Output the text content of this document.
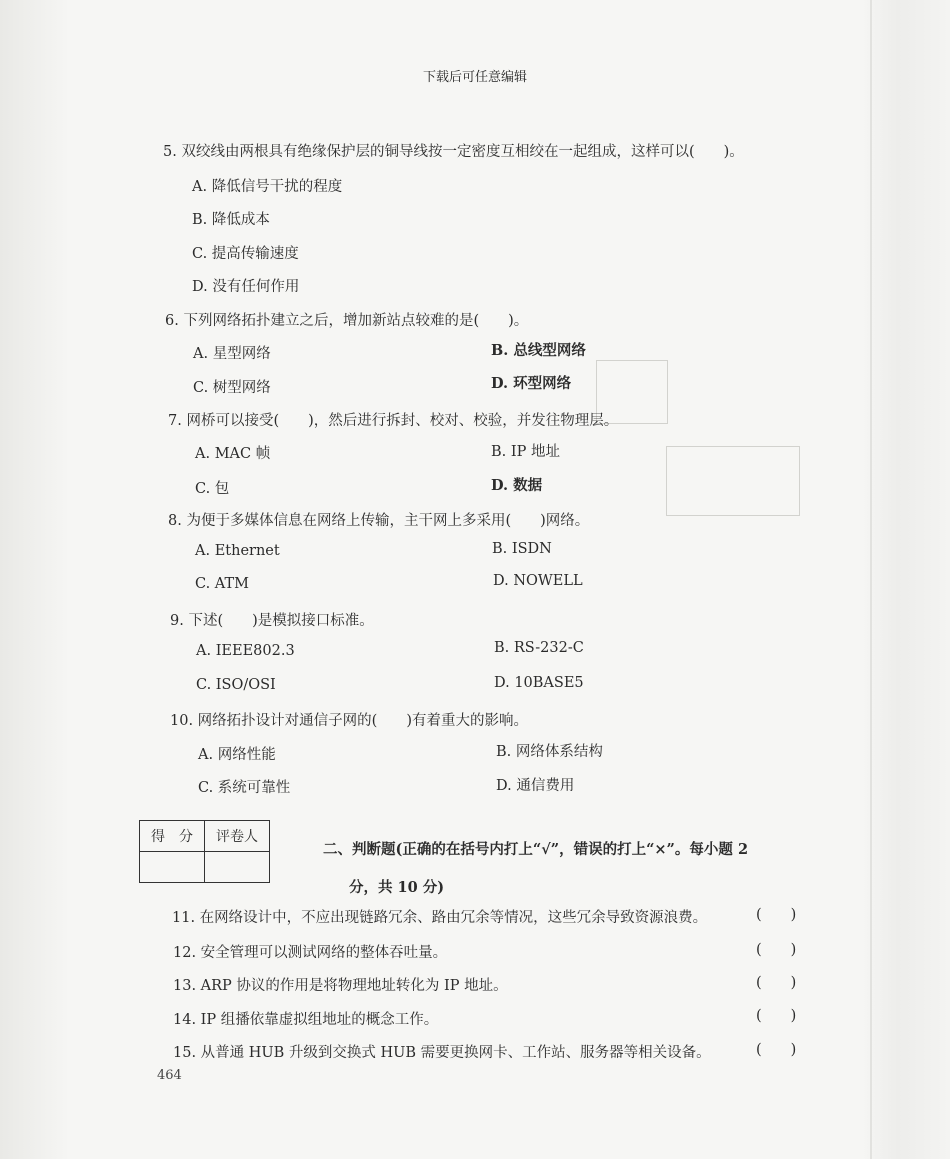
下载后可任意编辑
5. 双绞线由两根具有绝缘保护层的铜导线按一定密度互相绞在一起组成，这样可以(　　)。
A. 降低信号干扰的程度
B. 降低成本
C. 提高传输速度
D. 没有任何作用
6. 下列网络拓扑建立之后，增加新站点较难的是(　　)。
A. 星型网络	B. 总线型网络
C. 树型网络	D. 环型网络
7. 网桥可以接受(　　)，然后进行拆封、校对、校验，并发往物理层。
A. MAC 帧	B. IP 地址
C. 包	D. 数据
8. 为便于多媒体信息在网络上传输，主干网上多采用(　　)网络。
A. Ethernet	B. ISDN
C. ATM	D. NOWELL
9. 下述(　　)是模拟接口标准。
A. IEEE802.3	B. RS-232-C
C. ISO/OSI	D. 10BASE5
10. 网络拓扑设计对通信子网的(　　)有着重大的影响。
A. 网络性能	B. 网络体系结构
C. 系统可靠性	D. 通信费用
得　分	评卷人

二、判断题(正确的在括号内打上“√”，错误的打上“×”。每小题 2
分，共 10 分)
11. 在网络设计中，不应出现链路冗余、路由冗余等情况，这些冗余导致资源浪费。	(　　)
12. 安全管理可以测试网络的整体吞吐量。	(　　)
13. ARP 协议的作用是将物理地址转化为 IP 地址。	(　　)
14. IP 组播依靠虚拟组地址的概念工作。	(　　)
15. 从普通 HUB 升级到交换式 HUB 需要更换网卡、工作站、服务器等相关设备。	(　　)
464
